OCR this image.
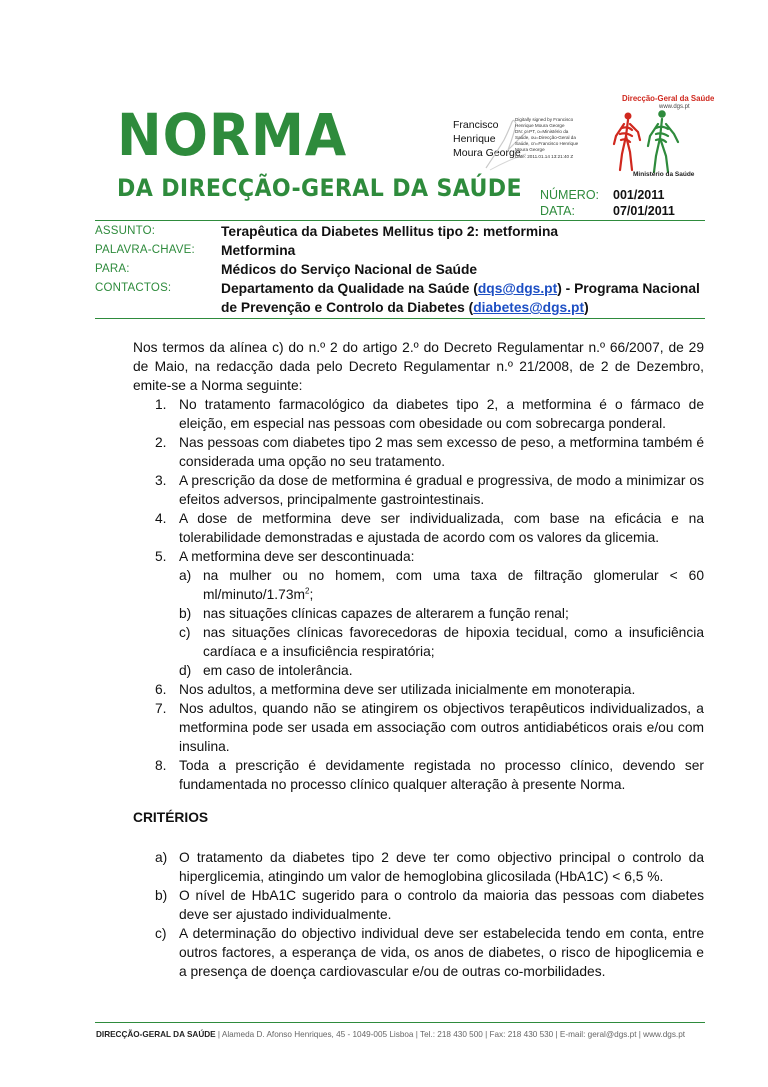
NORMA
DA DIRECÇÃO-GERAL DA SAÚDE
Francisco
Henrique
Moura George
Digitally signed by Francisco
Henrique Moura George
DN: c=PT, o=Ministério da
Saúde, ou=Direcção-Geral da
Saúde, cn=Francisco Henrique
Moura George
Date: 2011.01.14 13:21:40 Z
Direcção-Geral da Saúde
www.dgs.pt
Ministério da Saúde
NÚMERO: 001/2011
DATA:	07/01/2011
ASSUNTO:	Terapêutica da Diabetes Mellitus tipo 2: metformina
PALAVRA-CHAVE: Metformina
PARA:	Médicos do Serviço Nacional de Saúde
CONTACTOS:	Departamento da Qualidade na Saúde (dqs@dgs.pt) - Programa Nacional de Prevenção e Controlo da Diabetes (diabetes@dgs.pt)

Nos termos da alínea c) do n.º 2 do artigo 2.º do Decreto Regulamentar n.º 66/2007, de 29 de Maio, na redacção dada pelo Decreto Regulamentar n.º 21/2008, de 2 de Dezembro, emite-se a Norma seguinte:

1. No tratamento farmacológico da diabetes tipo 2, a metformina é o fármaco de eleição, em especial nas pessoas com obesidade ou com sobrecarga ponderal.
2. Nas pessoas com diabetes tipo 2 mas sem excesso de peso, a metformina também é considerada uma opção no seu tratamento.
3. A prescrição da dose de metformina é gradual e progressiva, de modo a minimizar os efeitos adversos, principalmente gastrointestinais.
4. A dose de metformina deve ser individualizada, com base na eficácia e na tolerabilidade demonstradas e ajustada de acordo com os valores da glicemia.
5. A metformina deve ser descontinuada:
a) na mulher ou no homem, com uma taxa de filtração glomerular < 60 $ml/minuto/1.73m^2$;
b) nas situações clínicas capazes de alterarem a função renal;
c) nas situações clínicas favorecedoras de hipoxia tecidual, como a insuficiência cardíaca e a insuficiência respiratória;
d) em caso de intolerância.
6. Nos adultos, a metformina deve ser utilizada inicialmente em monoterapia.
7. Nos adultos, quando não se atingirem os objectivos terapêuticos individualizados, a metformina pode ser usada em associação com outros antidiabéticos orais e/ou com insulina.
8. Toda a prescrição é devidamente registada no processo clínico, devendo ser fundamentada no processo clínico qualquer alteração à presente Norma.
CRITÉRIOS
a) O tratamento da diabetes tipo 2 deve ter como objectivo principal o controlo da hiperglicemia, atingindo um valor de hemoglobina glicosilada (HbA1C) < 6,5 %.
b) O nível de HbA1C sugerido para o controlo da maioria das pessoas com diabetes deve ser ajustado individualmente.
c) A determinação do objectivo individual deve ser estabelecida tendo em conta, entre outros factores, a esperança de vida, os anos de diabetes, o risco de hipoglicemia e a presença de doença cardiovascular e/ou de outras co-morbilidades.
DIRECÇÃO-GERAL DA SAÚDE | Alameda D. Afonso Henriques, 45 - 1049-005 Lisboa | Tel.: 218 430 500 | Fax: 218 430 530 | E-mail: geral@dgs.pt | www.dgs.pt
